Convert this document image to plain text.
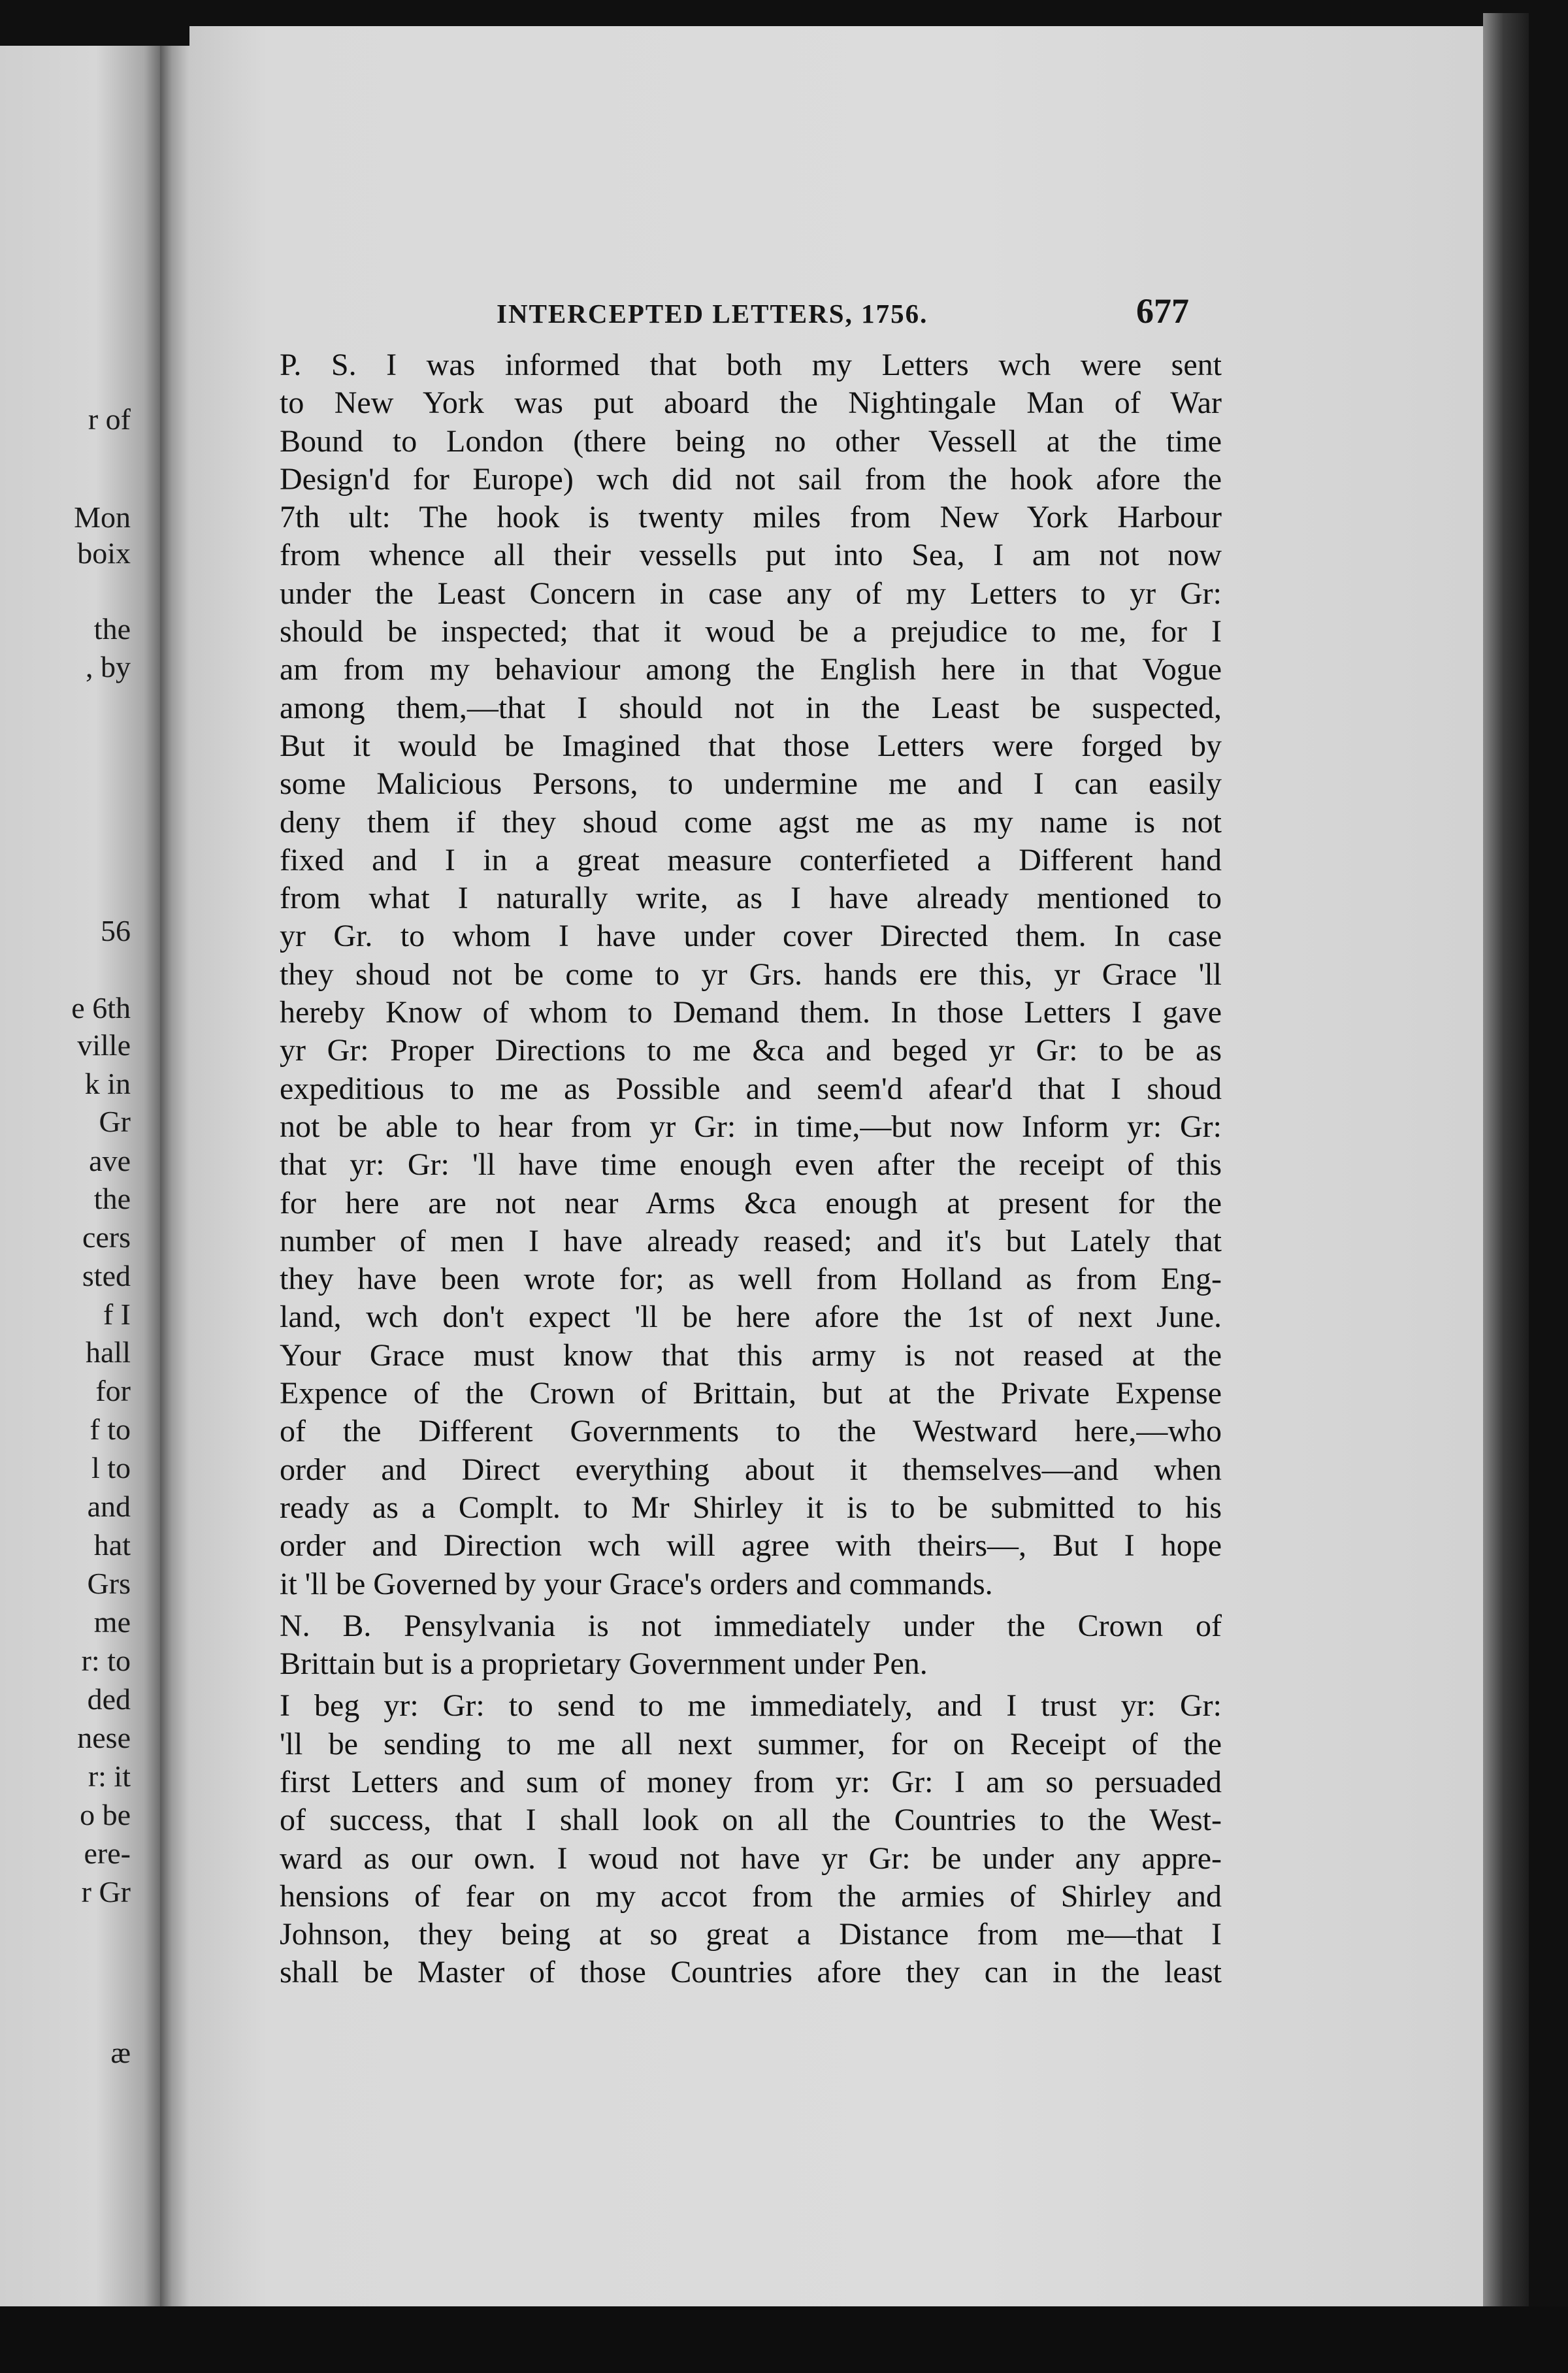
r of
Mon
boix
the
, by
56
e 6th
ville
k in
Gr
ave
the
cers
sted
f I
hall
for
f to
l to
and
hat
Grs
me
r: to
ded
nese
r: it
o be
ere-
r Gr
æ
INTERCEPTED LETTERS, 1756.	677
P. S. I was informed that both my Letters wch were sent
to New York was put aboard the Nightingale Man of War
Bound to London (there being no other Vessell at the time
Design'd for Europe) wch did not sail from the hook afore the
7th ult: The hook is twenty miles from New York Harbour
from whence all their vessells put into Sea, I am not now
under the Least Concern in case any of my Letters to yr Gr:
should be inspected; that it woud be a prejudice to me, for I
am from my behaviour among the English here in that Vogue
among them,—that I should not in the Least be suspected,
But it would be Imagined that those Letters were forged by
some Malicious Persons, to undermine me and I can easily
deny them if they shoud come agst me as my name is not
fixed and I in a great measure conterfieted a Different hand
from what I naturally write, as I have already mentioned to
yr Gr. to whom I have under cover Directed them. In case
they shoud not be come to yr Grs. hands ere this, yr Grace 'll
hereby Know of whom to Demand them. In those Letters I gave
yr Gr: Proper Directions to me &ca and beged yr Gr: to be as
expeditious to me as Possible and seem'd afear'd that I shoud
not be able to hear from yr Gr: in time,—but now Inform yr: Gr:
that yr: Gr: 'll have time enough even after the receipt of this
for here are not near Arms &ca enough at present for the
number of men I have already reased; and it's but Lately that
they have been wrote for; as well from Holland as from Eng-
land, wch don't expect 'll be here afore the 1st of next June.
Your Grace must know that this army is not reased at the
Expence of the Crown of Brittain, but at the Private Expense
of the Different Governments to the Westward here,—who
order and Direct everything about it themselves—and when
ready as a Complt. to Mr Shirley it is to be submitted to his
order and Direction wch will agree with theirs—, But I hope
it 'll be Governed by your Grace's orders and commands.
N. B. Pensylvania is not immediately under the Crown of
Brittain but is a proprietary Government under Pen.
I beg yr: Gr: to send to me immediately, and I trust yr: Gr:
'll be sending to me all next summer, for on Receipt of the
first Letters and sum of money from yr: Gr: I am so persuaded
of success, that I shall look on all the Countries to the West-
ward as our own. I woud not have yr Gr: be under any appre-
hensions of fear on my accot from the armies of Shirley and
Johnson, they being at so great a Distance from me—that I
shall be Master of those Countries afore they can in the least
